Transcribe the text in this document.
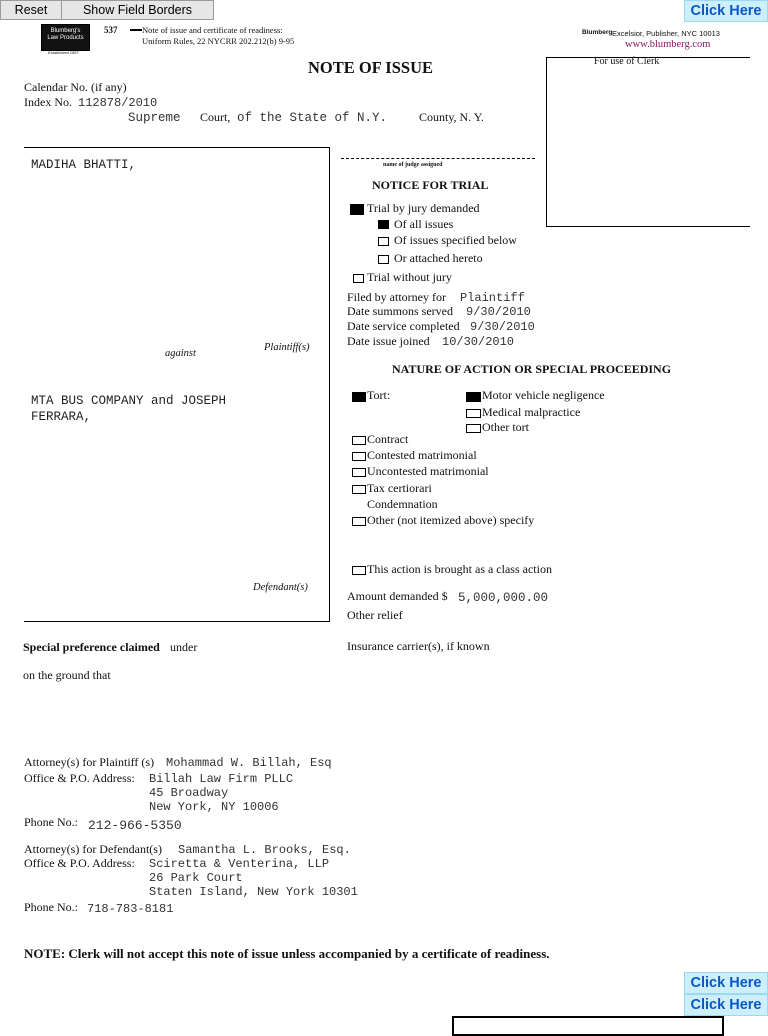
Reset	Show Field Borders	Click Here
Blumberg's
Law Products
Established 1887
537	Note of issue and certificate of readiness:
Uniform Rules, 22 NYCRR 202.212(b) 9-95
Blumberg Excelsior, Publisher, NYC 10013
www.blumberg.com
NOTE OF ISSUE	For use of Clerk
Calendar No. (if any)
Index No. 112878/2010
Supreme Court, of the State of N.Y.	County, N. Y.
MADIHA BHATTI,
against
Plaintiff(s)
MTA BUS COMPANY and JOSEPH
FERRARA,
Defendant(s)
name of judge assigned
NOTICE FOR TRIAL
Trial by jury demanded
Of all issues
Of issues specified below
Or attached hereto
Trial without jury
Filed by attorney for Plaintiff
Date summons served 9/30/2010
Date service completed 9/30/2010
Date issue joined 10/30/2010
NATURE OF ACTION OR SPECIAL PROCEEDING
Tort:	Motor vehicle negligence
Medical malpractice
Other tort
Contract
Contested matrimonial
Uncontested matrimonial
Tax certiorari
Condemnation
Other (not itemized above) specify
This action is brought as a class action
Amount demanded $ 5,000,000.00
Other relief
Insurance carrier(s), if known
Special preference claimed under
on the ground that
Attorney(s) for Plaintiff (s) Mohammad W. Billah, Esq
Office & P.O. Address: Billah Law Firm PLLC
45 Broadway
New York, NY 10006
Phone No.: 212-966-5350
Attorney(s) for Defendant(s) Samantha L. Brooks, Esq.
Office & P.O. Address: Sciretta & Venterina, LLP
26 Park Court
Staten Island, New York 10301
Phone No.: 718-783-8181
NOTE: Clerk will not accept this note of issue unless accompanied by a certificate of readiness.
Click Here
Click Here
